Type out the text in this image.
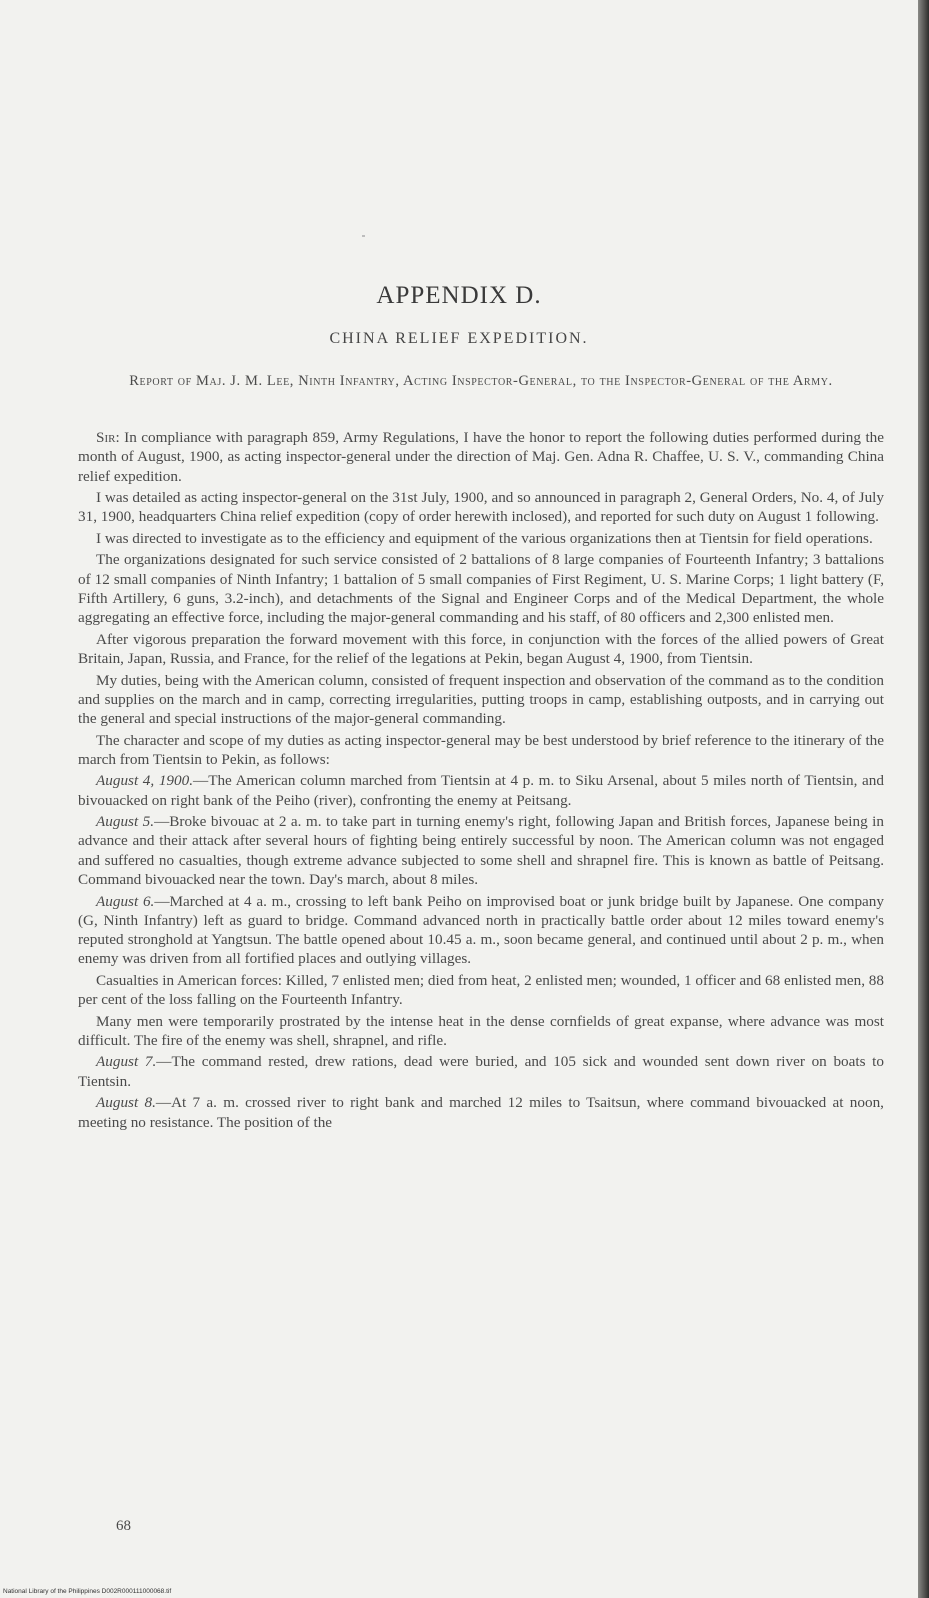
APPENDIX D.
CHINA RELIEF EXPEDITION.

Report of Maj. J. M. Lee, Ninth Infantry, Acting Inspector-General, to the Inspector-General of the Army.

Sir: In compliance with paragraph 859, Army Regulations, I have the honor to report the following duties performed during the month of August, 1900, as acting inspector-general under the direction of Maj. Gen. Adna R. Chaffee, U. S. V., commanding China relief expedition.

I was detailed as acting inspector-general on the 31st July, 1900, and so announced in paragraph 2, General Orders, No. 4, of July 31, 1900, headquarters China relief expedition (copy of order herewith inclosed), and reported for such duty on August 1 following.

I was directed to investigate as to the efficiency and equipment of the various organizations then at Tientsin for field operations.

The organizations designated for such service consisted of 2 battalions of 8 large companies of Fourteenth Infantry; 3 battalions of 12 small companies of Ninth Infantry; 1 battalion of 5 small companies of First Regiment, U. S. Marine Corps; 1 light battery (F, Fifth Artillery, 6 guns, 3.2-inch), and detachments of the Signal and Engineer Corps and of the Medical Department, the whole aggregating an effective force, including the major-general commanding and his staff, of 80 officers and 2,300 enlisted men.

After vigorous preparation the forward movement with this force, in conjunction with the forces of the allied powers of Great Britain, Japan, Russia, and France, for the relief of the legations at Pekin, began August 4, 1900, from Tientsin.

My duties, being with the American column, consisted of frequent inspection and observation of the command as to the condition and supplies on the march and in camp, correcting irregularities, putting troops in camp, establishing outposts, and in carrying out the general and special instructions of the major-general commanding.

The character and scope of my duties as acting inspector-general may be best understood by brief reference to the itinerary of the march from Tientsin to Pekin, as follows:

August 4, 1900.—The American column marched from Tientsin at 4 p. m. to Siku Arsenal, about 5 miles north of Tientsin, and bivouacked on right bank of the Peiho (river), confronting the enemy at Peitsang.

August 5.—Broke bivouac at 2 a. m. to take part in turning enemy's right, following Japan and British forces, Japanese being in advance and their attack after several hours of fighting being entirely successful by noon. The American column was not engaged and suffered no casualties, though extreme advance subjected to some shell and shrapnel fire. This is known as battle of Peitsang. Command bivouacked near the town. Day's march, about 8 miles.

August 6.—Marched at 4 a. m., crossing to left bank Peiho on improvised boat or junk bridge built by Japanese. One company (G, Ninth Infantry) left as guard to bridge. Command advanced north in practically battle order about 12 miles toward enemy's reputed stronghold at Yangtsun. The battle opened about 10.45 a. m., soon became general, and continued until about 2 p. m., when enemy was driven from all fortified places and outlying villages.

Casualties in American forces: Killed, 7 enlisted men; died from heat, 2 enlisted men; wounded, 1 officer and 68 enlisted men, 88 per cent of the loss falling on the Fourteenth Infantry.

Many men were temporarily prostrated by the intense heat in the dense cornfields of great expanse, where advance was most difficult. The fire of the enemy was shell, shrapnel, and rifle.

August 7.—The command rested, drew rations, dead were buried, and 105 sick and wounded sent down river on boats to Tientsin.

August 8.—At 7 a. m. crossed river to right bank and marched 12 miles to Tsaitsun, where command bivouacked at noon, meeting no resistance. The position of the

68
National Library of the Philippines D002R000111000068.tif
